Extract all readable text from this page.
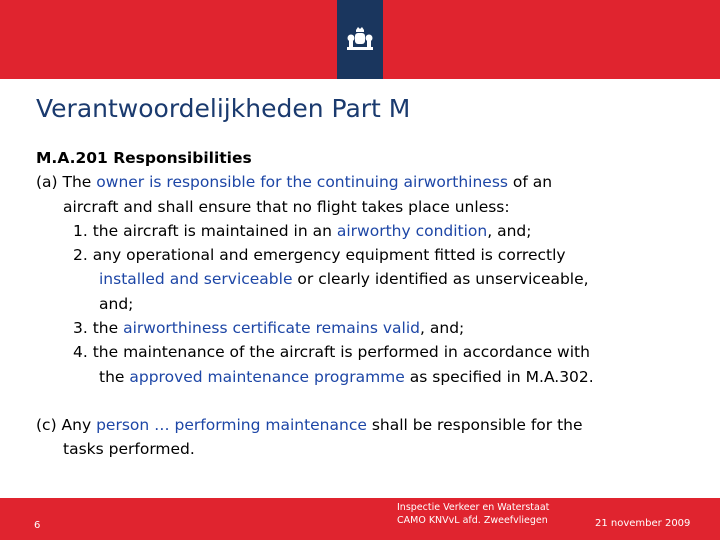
Verantwoordelijkheden Part M
M.A.201 Responsibilities
(a) The owner is responsible for the continuing airworthiness of an
aircraft and shall ensure that no flight takes place unless:
1. the aircraft is maintained in an airworthy condition, and;
2. any operational and emergency equipment fitted is correctly
installed and serviceable or clearly identified as unserviceable,
and;
3. the airworthiness certificate remains valid, and;
4. the maintenance of the aircraft is performed in accordance with
the approved maintenance programme as specified in M.A.302.
(c) Any person … performing maintenance shall be responsible for the
tasks performed.
6
Inspectie Verkeer en Waterstaat
CAMO KNVvL afd. Zweefvliegen	21 november 2009
